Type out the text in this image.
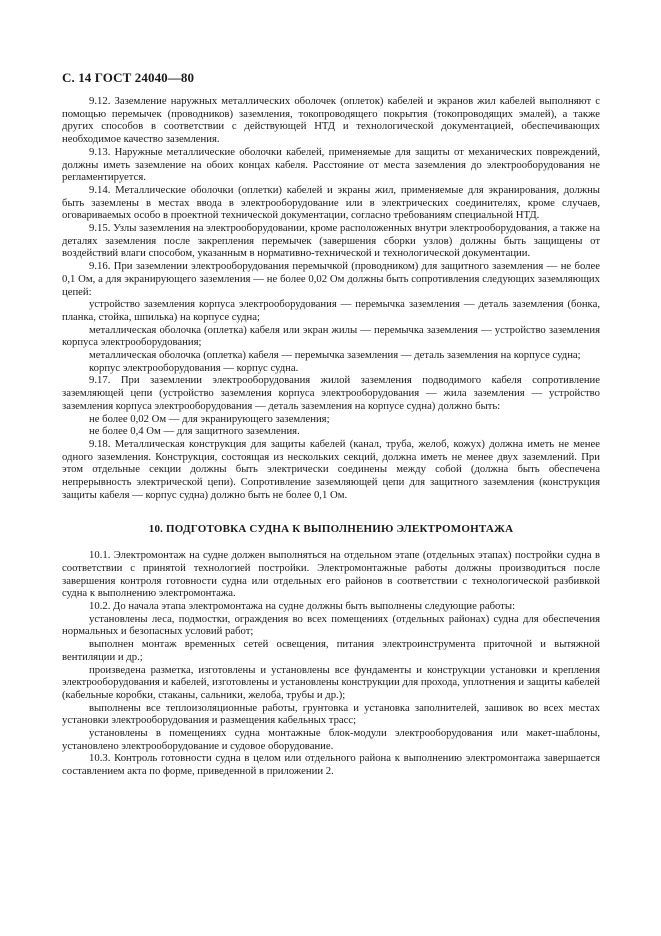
С. 14 ГОСТ 24040—80

9.12. Заземление наружных металлических оболочек (оплеток) кабелей и экранов жил кабелей выполняют с помощью перемычек (проводников) заземления, токопроводящего покрытия (токопроводящих эмалей), а также других способов в соответствии с действующей НТД и технологической документацией, обеспечивающих необходимое качество заземления.

9.13. Наружные металлические оболочки кабелей, применяемые для защиты от механических повреждений, должны иметь заземление на обоих концах кабеля. Расстояние от места заземления до электрооборудования не регламентируется.

9.14. Металлические оболочки (оплетки) кабелей и экраны жил, применяемые для экранирования, должны быть заземлены в местах ввода в электрооборудование или в электрических соединителях, кроме случаев, оговариваемых особо в проектной технической документации, согласно требованиям специальной НТД.

9.15. Узлы заземления на электрооборудовании, кроме расположенных внутри электрооборудования, а также на деталях заземления после закрепления перемычек (завершения сборки узлов) должны быть защищены от воздействий влаги способом, указанным в нормативно-технической и технологической документации.

9.16. При заземлении электрооборудования перемычкой (проводником) для защитного заземления — не более 0,1 Ом, а для экранирующего заземления — не более 0,02 Ом должны быть сопротивления следующих заземляющих цепей:

устройство заземления корпуса электрооборудования — перемычка заземления — деталь заземления (бонка, планка, стойка, шпилька) на корпусе судна;

металлическая оболочка (оплетка) кабеля или экран жилы — перемычка заземления — устройство заземления корпуса электрооборудования;

металлическая оболочка (оплетка) кабеля — перемычка заземления — деталь заземления на корпусе судна;

корпус электрооборудования — корпус судна.

9.17. При заземлении электрооборудования жилой заземления подводимого кабеля сопротивление заземляющей цепи (устройство заземления корпуса электрооборудования — жила заземления — устройство заземления корпуса электрооборудования — деталь заземления на корпусе судна) должно быть:

не более 0,02 Ом — для экранирующего заземления;

не более 0,4 Ом — для защитного заземления.

9.18. Металлическая конструкция для защиты кабелей (канал, труба, желоб, кожух) должна иметь не менее одного заземления. Конструкция, состоящая из нескольких секций, должна иметь не менее двух заземлений. При этом отдельные секции должны быть электрически соединены между собой (должна быть обеспечена непрерывность электрической цепи). Сопротивление заземляющей цепи для защитного заземления (конструкция защиты кабеля — корпус судна) должно быть не более 0,1 Ом.

10. ПОДГОТОВКА СУДНА К ВЫПОЛНЕНИЮ ЭЛЕКТРОМОНТАЖА

10.1. Электромонтаж на судне должен выполняться на отдельном этапе (отдельных этапах) постройки судна в соответствии с принятой технологией постройки. Электромонтажные работы должны производиться после завершения контроля готовности судна или отдельных его районов в соответствии с технологической разбивкой судна к выполнению электромонтажа.

10.2. До начала этапа электромонтажа на судне должны быть выполнены следующие работы:

установлены леса, подмостки, ограждения во всех помещениях (отдельных районах) судна для обеспечения нормальных и безопасных условий работ;

выполнен монтаж временных сетей освещения, питания электроинструмента приточной и вытяжной вентиляции и др.;

произведена разметка, изготовлены и установлены все фундаменты и конструкции установки и крепления электрооборудования и кабелей, изготовлены и установлены конструкции для прохода, уплотнения и защиты кабелей (кабельные коробки, стаканы, сальники, желоба, трубы и др.);

выполнены все теплоизоляционные работы, грунтовка и установка заполнителей, зашивок во всех местах установки электрооборудования и размещения кабельных трасс;

установлены в помещениях судна монтажные блок-модули электрооборудования или макет-шаблоны, установлено электрооборудование и судовое оборудование.

10.3. Контроль готовности судна в целом или отдельного района к выполнению электромонтажа завершается составлением акта по форме, приведенной в приложении 2.
